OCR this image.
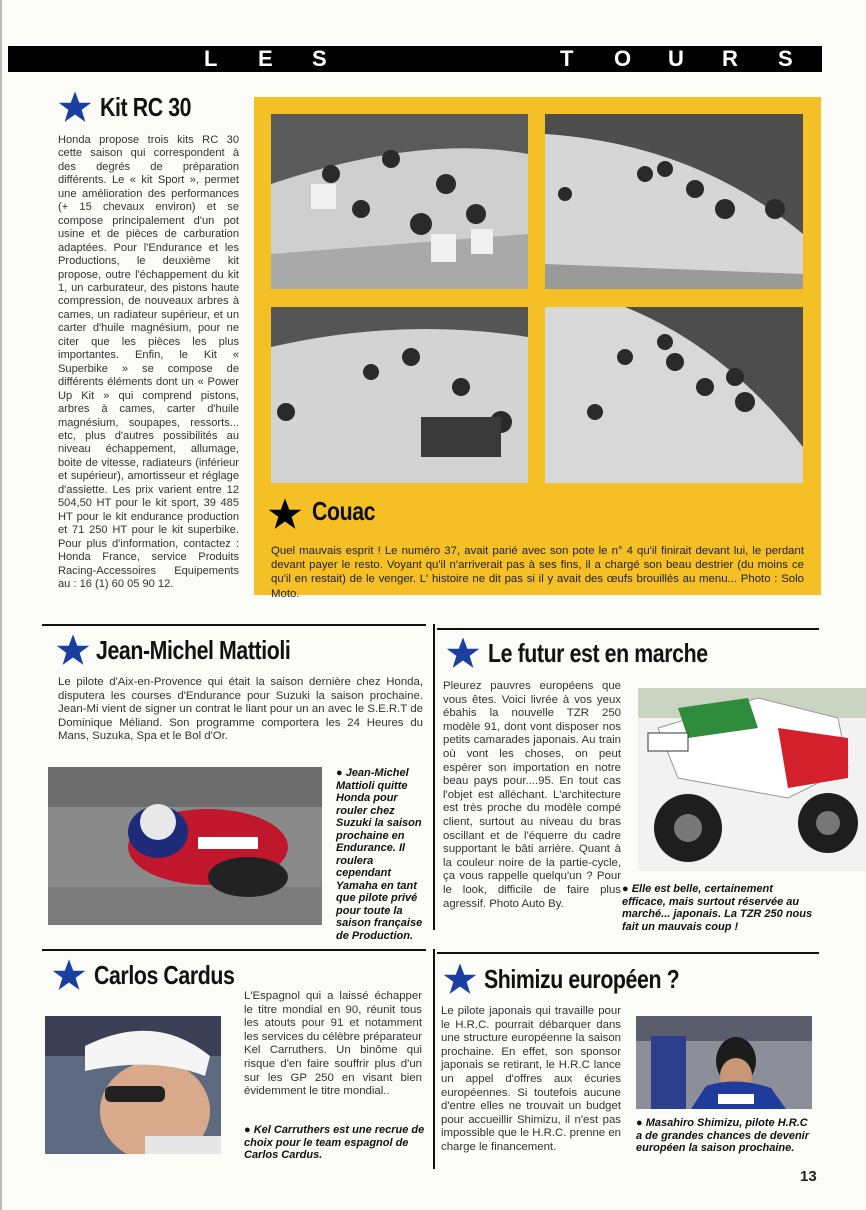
L E S	T O U R S
Kit RC 30
Honda propose trois kits RC 30 cette saison qui correspondent à des degrés de préparation différents. Le « kit Sport », permet une amélioration des performances (+ 15 chevaux environ) et se compose principalement d'un pot usine et de pièces de carburation adaptées. Pour l'Endurance et les Productions, le deuxième kit propose, outre l'échappement du kit 1, un carburateur, des pistons haute compression, de nouveaux arbres à cames, un radiateur supérieur, et un carter d'huile magnésium, pour ne citer que les pièces les plus importantes. Enfin, le Kit « Superbike » se compose de différents éléments dont un « Power Up Kit » qui comprend pistons, arbres à cames, carter d'huile magnésium, soupapes, ressorts... etc, plus d'autres possibilités au niveau échappement, allumage, boite de vitesse, radiateurs (inférieur et supérieur), amortisseur et réglage d'assiette. Les prix varient entre 12 504,50 HT pour le kit sport, 39 485 HT pour le kit endurance production et 71 250 HT pour le kit superbike. Pour plus d'information, contactez : Honda France, service Produits Racing-Accessoires Equipements au : 16 (1) 60 05 90 12.
Couac
Quel mauvais esprit ! Le numéro 37, avait parié avec son pote le n° 4 qu'il finirait devant lui, le perdant devant payer le resto. Voyant qu'il n'arriverait pas à ses fins, il a chargé son beau destrier (du moins ce qu'il en restait) de le venger. L' histoire ne dit pas si il y avait des œufs brouillés au menu... Photo : Solo Moto.
Jean-Michel Mattioli
Le pilote d'Aix-en-Provence qui était la saison dernière chez Honda, disputera les courses d'Endurance pour Suzuki la saison prochaine. Jean-Mi vient de signer un contrat le liant pour un an avec le S.E.R.T de Dominique Méliand. Son programme comportera les 24 Heures du Mans, Suzuka, Spa et le Bol d'Or.
● Jean-Michel Mattioli quitte Honda pour rouler chez Suzuki la saison prochaine en Endurance. Il roulera cependant Yamaha en tant que pilote privé pour toute la saison française de Production.
Le futur est en marche
Pleurez pauvres européens que vous êtes. Voici livrée à vos yeux ébahis la nouvelle TZR 250 modèle 91, dont vont disposer nos petits camarades japonais. Au train où vont les choses, on peut espérer son importation en notre beau pays pour....95. En tout cas l'objet est alléchant. L'architecture est très proche du modèle compé client, surtout au niveau du bras oscillant et de l'équerre du cadre supportant le bâti arrière. Quant à la couleur noire de la partie-cycle, ça vous rappelle quelqu'un ? Pour le look, difficile de faire plus agressif. Photo Auto By.
● Elle est belle, certainement efficace, mais surtout réservée au marché... japonais. La TZR 250 nous fait un mauvais coup !
Carlos Cardus
L'Espagnol qui a laissé échapper le titre mondial en 90, réunit tous les atouts pour 91 et notamment les services du célèbre préparateur Kel Carruthers. Un binôme qui risque d'en faire souffrir plus d'un sur les GP 250 en visant bien évidemment le titre mondial..
● Kel Carruthers est une recrue de choix pour le team espagnol de Carlos Cardus.
Shimizu européen ?
Le pilote japonais qui travaille pour le H.R.C. pourrait débarquer dans une structure européenne la saison prochaine. En effet, son sponsor japonais se retirant, le H.R.C lance un appel d'offres aux écuries européennes. Si toutefois aucune d'entre elles ne trouvait un budget pour accueillir Shimizu, il n'est pas impossible que le H.R.C. prenne en charge le financement.
● Masahiro Shimizu, pilote H.R.C a de grandes chances de devenir européen la saison prochaine.
13
